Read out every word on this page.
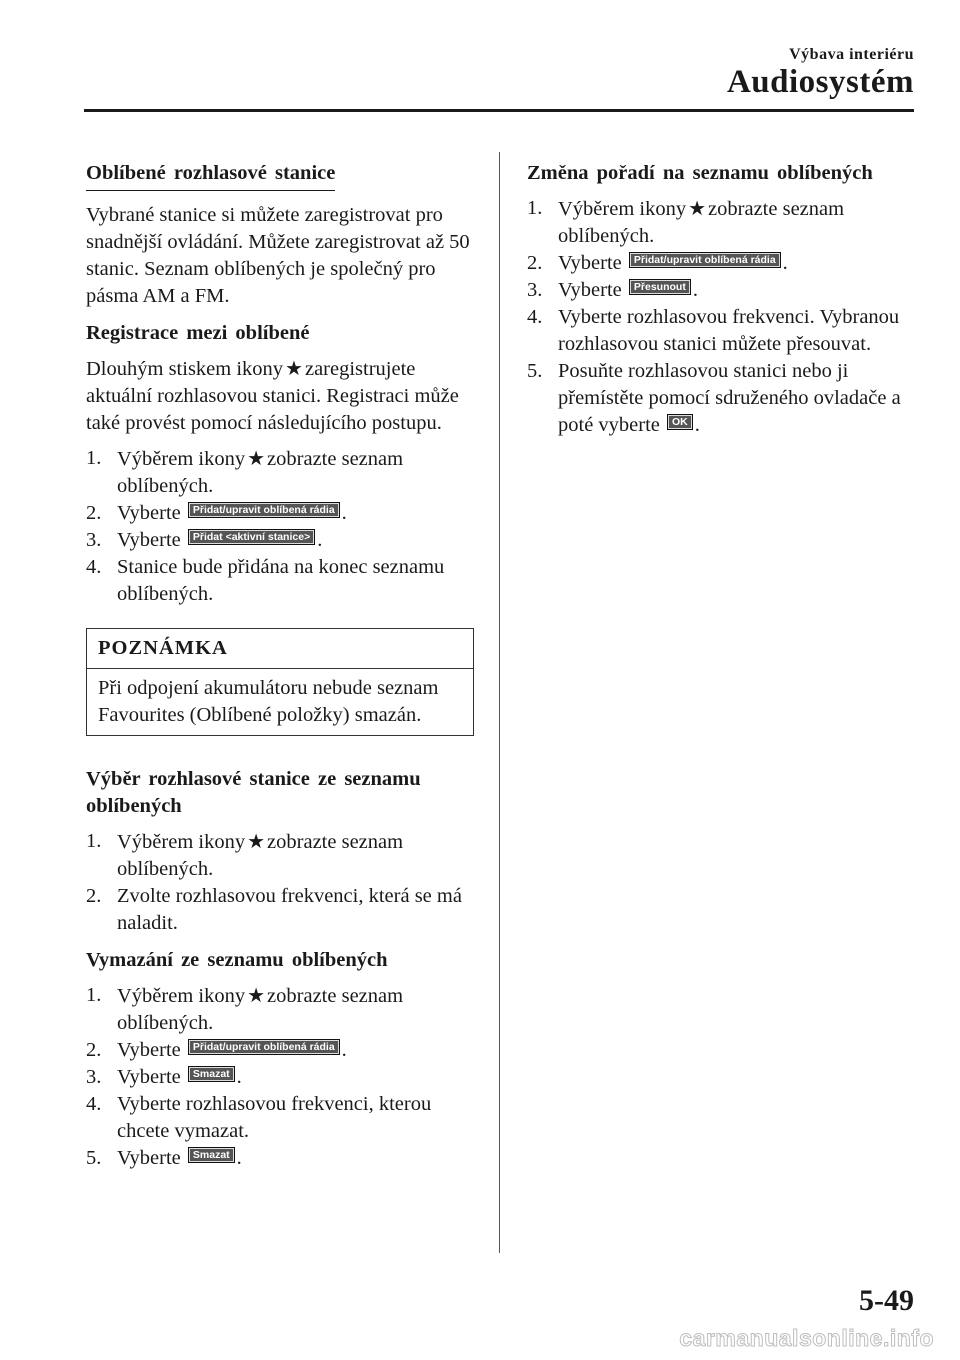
Výbava interiéru
Audiosystém
Oblíbené rozhlasové stanice

Vybrané stanice si můžete zaregistrovat pro snadnější ovládání. Můžete zaregistrovat až 50 stanic. Seznam oblíbených je společný pro pásma AM a FM.

Registrace mezi oblíbené

Dlouhým stiskem ikony ★zaregistrujete aktuální rozhlasovou stanici. Registraci může také provést pomocí následujícího postupu.

1. Výběrem ikony ★zobrazte seznam oblíbených.
2. Vyberte Přidat/upravit oblíbená rádia .
3. Vyberte Přidat <aktivní stanice> .
4. Stanice bude přidána na konec seznamu oblíbených.
POZNÁMKA
Při odpojení akumulátoru nebude seznam Favourites (Oblíbené položky) smazán.
Výběr rozhlasové stanice ze seznamu oblíbených
1. Výběrem ikony ★zobrazte seznam oblíbených.
2. Zvolte rozhlasovou frekvenci, která se má naladit.
Vymazání ze seznamu oblíbených
1. Výběrem ikony ★zobrazte seznam oblíbených.
2. Vyberte Přidat/upravit oblíbená rádia .
3. Vyberte Smazat .
4. Vyberte rozhlasovou frekvenci, kterou chcete vymazat.
5. Vyberte Smazat .
Změna pořadí na seznamu oblíbených
1. Výběrem ikony ★zobrazte seznam oblíbených.
2. Vyberte Přidat/upravit oblíbená rádia .
3. Vyberte Přesunout .
4. Vyberte rozhlasovou frekvenci. Vybranou rozhlasovou stanici můžete přesouvat.
5. Posuňte rozhlasovou stanici nebo ji přemístěte pomocí sdruženého ovladače a poté vyberte OK .
5-49
carmanualsonline.info
